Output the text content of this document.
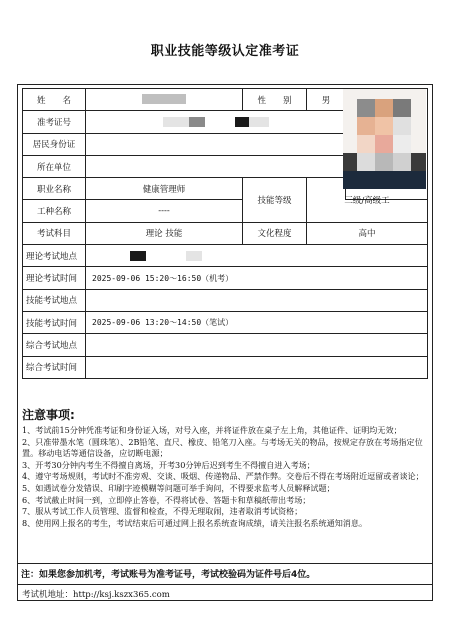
职业技能等级认定准考证
姓　　名		性　　别	男	
准考证号				
居民身份证				
所在单位				
职业名称	健康管理师	技能等级	三级/高级工	
工种名称	----			
考试科目	理论 技能	文化程度	高中	
理论考试地点				
理论考试时间	2025-09-06 15:20～16:50（机考）			
技能考试地点				
技能考试时间	2025-09-06 13:20～14:50（笔试）			
综合考试地点				
综合考试时间				
注意事项:

1、考试前15分钟凭准考证和身份证入场，对号入座，并将证件放在桌子左上角，其他证件、证明均无效；

2、只准带墨水笔（圆珠笔）、2B铅笔、直尺、橡皮、铅笔刀入座。与考场无关的物品，按规定存放在考场指定位置。移动电话等通信设备，应切断电源；

3、开考30分钟内考生不得擅自离场，开考30分钟后迟到考生不得擅自进入考场；

4、遵守考场规则，考试时不准旁观、交谈、吸烟、传递物品、严禁作弊。交卷后不得在考场附近逗留或者谈论；

5、如遇试卷分发错误、印刷字迹模糊等问题可举手询问，不得要求监考人员解释试题；

6、考试截止时间一到，立即停止答卷，不得将试卷、答题卡和草稿纸带出考场；

7、服从考试工作人员管理、监督和检查，不得无理取闹，违者取消考试资格；

8、使用网上报名的考生，考试结束后可通过网上报名系统查询成绩，请关注报名系统通知消息。

注：如果您参加机考，考试账号为准考证号，考试校验码为证件号后4位。
考试机地址：http://ksj.kszx365.com
